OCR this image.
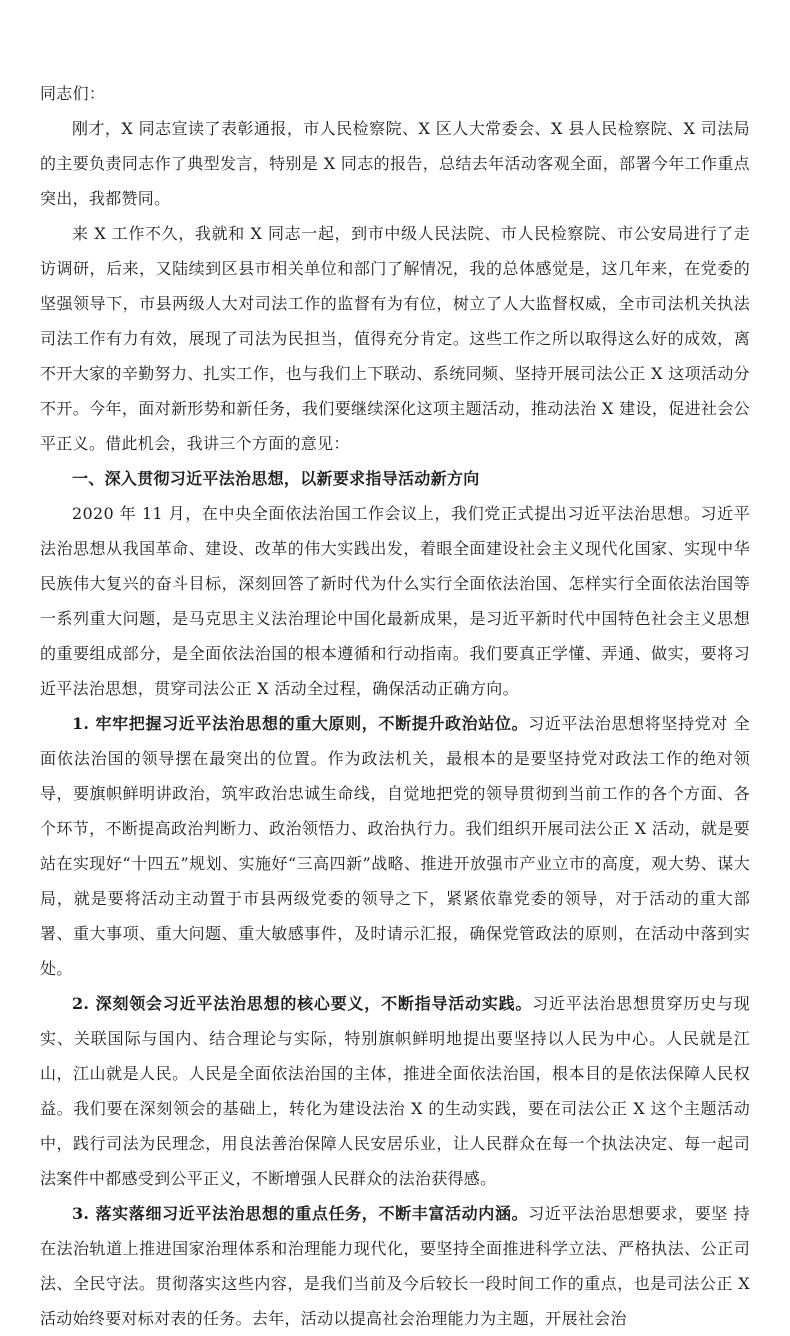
同志们：

刚才，X 同志宣读了表彰通报，市人民检察院、X 区人大常委会、X 县人民检察院、X 司法局的主要负责同志作了典型发言，特别是 X 同志的报告，总结去年活动客观全面，部署今年工作重点突出，我都赞同。

来 X 工作不久，我就和 X 同志一起，到市中级人民法院、市人民检察院、市公安局进行了走访调研，后来，又陆续到区县市相关单位和部门了解情况，我的总体感觉是，这几年来，在党委的坚强领导下，市县两级人大对司法工作的监督有为有位，树立了人大监督权威，全市司法机关执法司法工作有力有效，展现了司法为民担当，值得充分肯定。这些工作之所以取得这么好的成效，离不开大家的辛勤努力、扎实工作，也与我们上下联动、系统同频、坚持开展司法公正 X 这项活动分不开。今年，面对新形势和新任务，我们要继续深化这项主题活动，推动法治 X 建设，促进社会公平正义。借此机会，我讲三个方面的意见：

一、深入贯彻习近平法治思想，以新要求指导活动新方向

2020 年 11 月，在中央全面依法治国工作会议上，我们党正式提出习近平法治思想。习近平法治思想从我国革命、建设、改革的伟大实践出发，着眼全面建设社会主义现代化国家、实现中华民族伟大复兴的奋斗目标，深刻回答了新时代为什么实行全面依法治国、怎样实行全面依法治国等一系列重大问题，是马克思主义法治理论中国化最新成果，是习近平新时代中国特色社会主义思想的重要组成部分，是全面依法治国的根本遵循和行动指南。我们要真正学懂、弄通、做实，要将习近平法治思想，贯穿司法公正 X 活动全过程，确保活动正确方向。

1. 牢牢把握习近平法治思想的重大原则，不断提升政治站位。习近平法治思想将坚持党对 全面依法治国的领导摆在最突出的位置。作为政法机关，最根本的是要坚持党对政法工作的绝对领导，要旗帜鲜明讲政治，筑牢政治忠诚生命线，自觉地把党的领导贯彻到当前工作的各个方面、各个环节，不断提高政治判断力、政治领悟力、政治执行力。我们组织开展司法公正 X 活动，就是要站在实现好“十四五”规划、实施好“三高四新”战略、推进开放强市产业立市的高度，观大势、谋大局，就是要将活动主动置于市县两级党委的领导之下，紧紧依靠党委的领导，对于活动的重大部署、重大事项、重大问题、重大敏感事件，及时请示汇报，确保党管政法的原则，在活动中落到实处。

2. 深刻领会习近平法治思想的核心要义，不断指导活动实践。习近平法治思想贯穿历史与现实、关联国际与国内、结合理论与实际，特别旗帜鲜明地提出要坚持以人民为中心。人民就是江山，江山就是人民。人民是全面依法治国的主体，推进全面依法治国，根本目的是依法保障人民权益。我们要在深刻领会的基础上，转化为建设法治 X 的生动实践，要在司法公正 X 这个主题活动中，践行司法为民理念，用良法善治保障人民安居乐业，让人民群众在每一个执法决定、每一起司法案件中都感受到公平正义，不断增强人民群众的法治获得感。

3. 落实落细习近平法治思想的重点任务，不断丰富活动内涵。习近平法治思想要求，要坚 持在法治轨道上推进国家治理体系和治理能力现代化，要坚持全面推进科学立法、严格执法、公正司法、全民守法。贯彻落实这些内容，是我们当前及今后较长一段时间工作的重点，也是司法公正 X 活动始终要对标对表的任务。去年，活动以提高社会治理能力为主题，开展社会治
